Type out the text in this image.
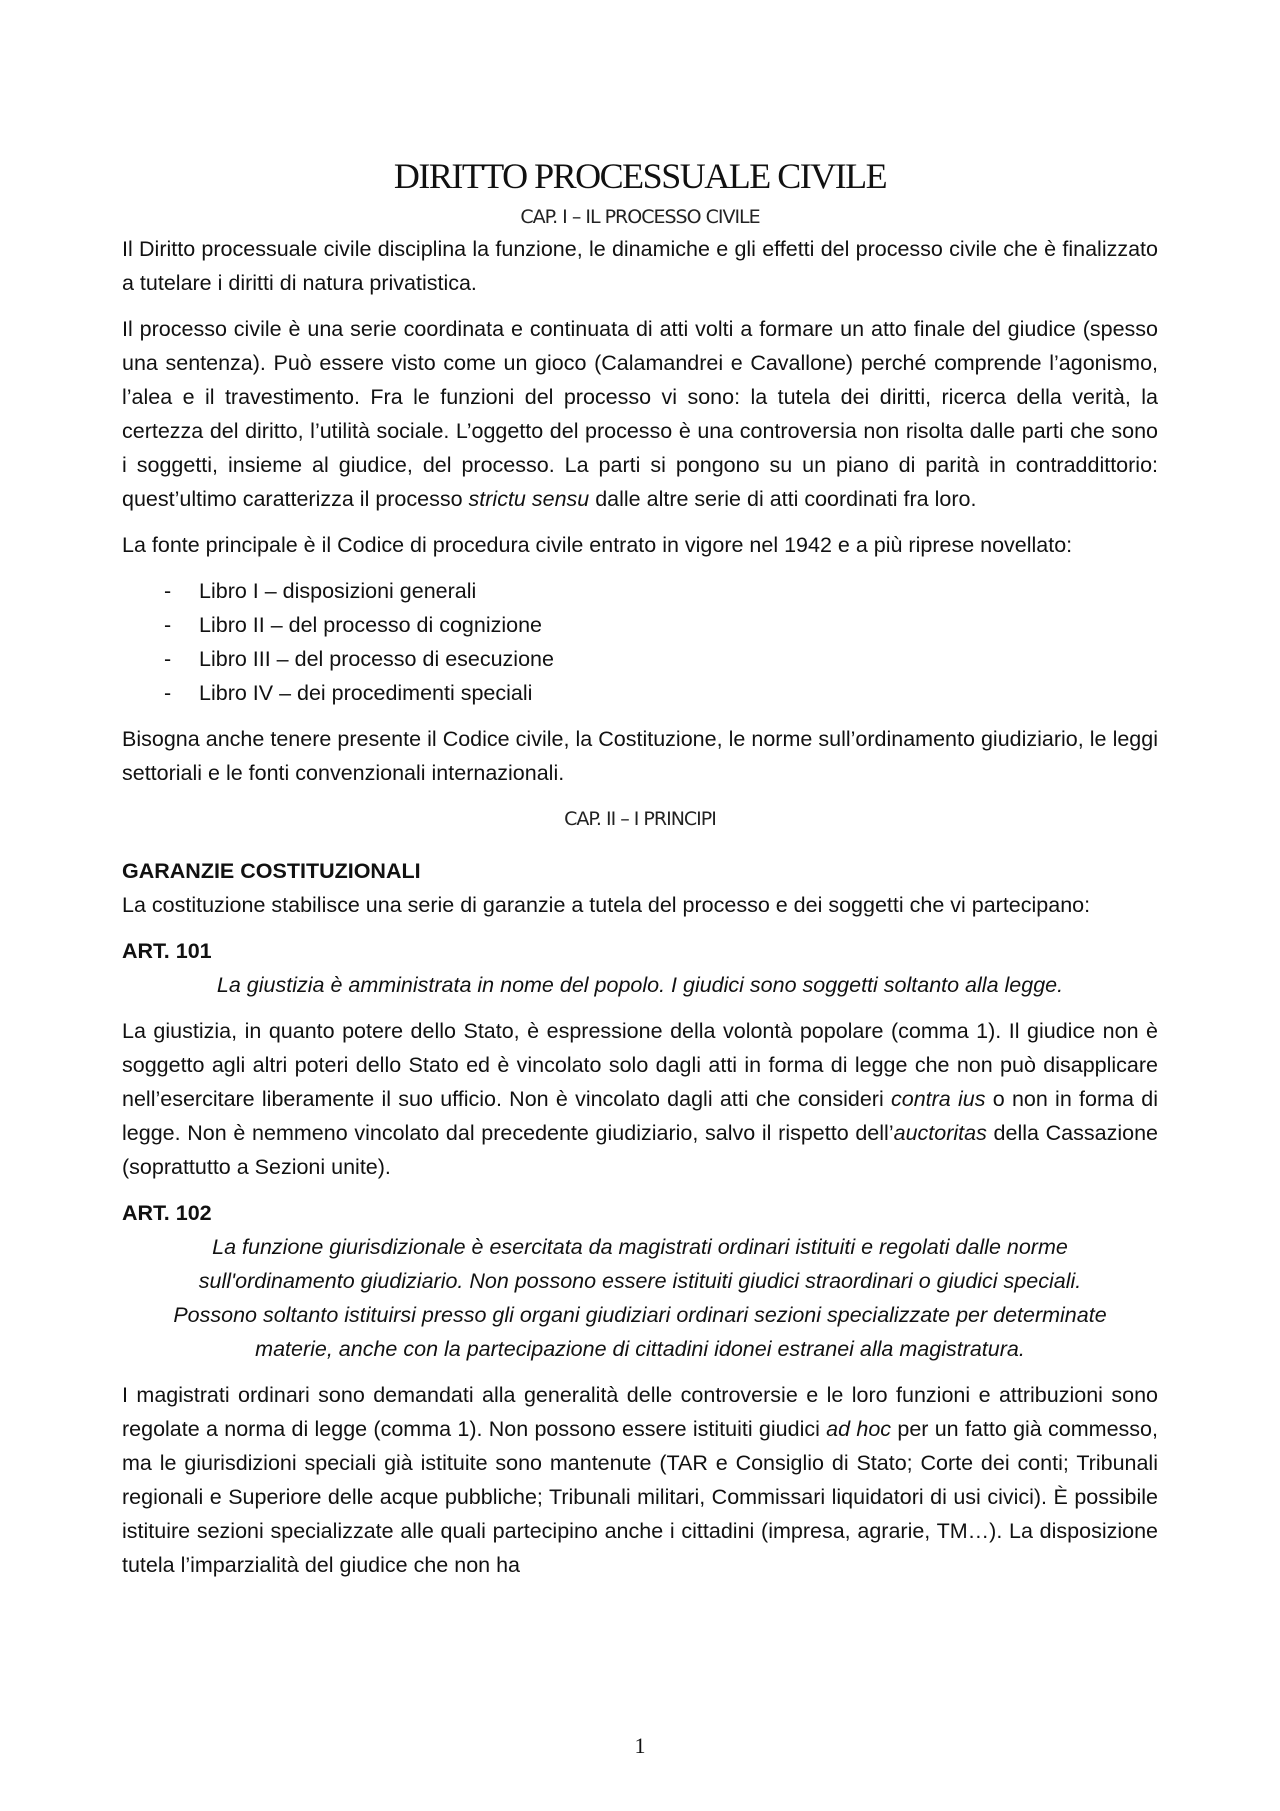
DIRITTO PROCESSUALE CIVILE
CAP. I – IL PROCESSO CIVILE

Il Diritto processuale civile disciplina la funzione, le dinamiche e gli effetti del processo civile che è finalizzato a tutelare i diritti di natura privatistica.

Il processo civile è una serie coordinata e continuata di atti volti a formare un atto finale del giudice (spesso una sentenza). Può essere visto come un gioco (Calamandrei e Cavallone) perché comprende l’agonismo, l’alea e il travestimento. Fra le funzioni del processo vi sono: la tutela dei diritti, ricerca della verità, la certezza del diritto, l’utilità sociale. L’oggetto del processo è una controversia non risolta dalle parti che sono i soggetti, insieme al giudice, del processo. La parti si pongono su un piano di parità in contraddittorio: quest’ultimo caratterizza il processo strictu sensu dalle altre serie di atti coordinati fra loro.

La fonte principale è il Codice di procedura civile entrato in vigore nel 1942 e a più riprese novellato:

- Libro I – disposizioni generali
- Libro II – del processo di cognizione
- Libro III – del processo di esecuzione
- Libro IV – dei procedimenti speciali

Bisogna anche tenere presente il Codice civile, la Costituzione, le norme sull’ordinamento giudiziario, le leggi settoriali e le fonti convenzionali internazionali.

CAP. II – I PRINCIPI
GARANZIE COSTITUZIONALI

La costituzione stabilisce una serie di garanzie a tutela del processo e dei soggetti che vi partecipano:

ART. 101
La giustizia è amministrata in nome del popolo. I giudici sono soggetti soltanto alla legge.

La giustizia, in quanto potere dello Stato, è espressione della volontà popolare (comma 1). Il giudice non è soggetto agli altri poteri dello Stato ed è vincolato solo dagli atti in forma di legge che non può disapplicare nell’esercitare liberamente il suo ufficio. Non è vincolato dagli atti che consideri contra ius o non in forma di legge. Non è nemmeno vincolato dal precedente giudiziario, salvo il rispetto dell’auctoritas della Cassazione (soprattutto a Sezioni unite).

ART. 102
La funzione giurisdizionale è esercitata da magistrati ordinari istituiti e regolati dalle norme
sull'ordinamento giudiziario. Non possono essere istituiti giudici straordinari o giudici speciali.
Possono soltanto istituirsi presso gli organi giudiziari ordinari sezioni specializzate per determinate
materie, anche con la partecipazione di cittadini idonei estranei alla magistratura.

I magistrati ordinari sono demandati alla generalità delle controversie e le loro funzioni e attribuzioni sono regolate a norma di legge (comma 1). Non possono essere istituiti giudici ad hoc per un fatto già commesso, ma le giurisdizioni speciali già istituite sono mantenute (TAR e Consiglio di Stato; Corte dei conti; Tribunali regionali e Superiore delle acque pubbliche; Tribunali militari, Commissari liquidatori di usi civici). È possibile istituire sezioni specializzate alle quali partecipino anche i cittadini (impresa, agrarie, TM…). La disposizione tutela l’imparzialità del giudice che non ha

1
